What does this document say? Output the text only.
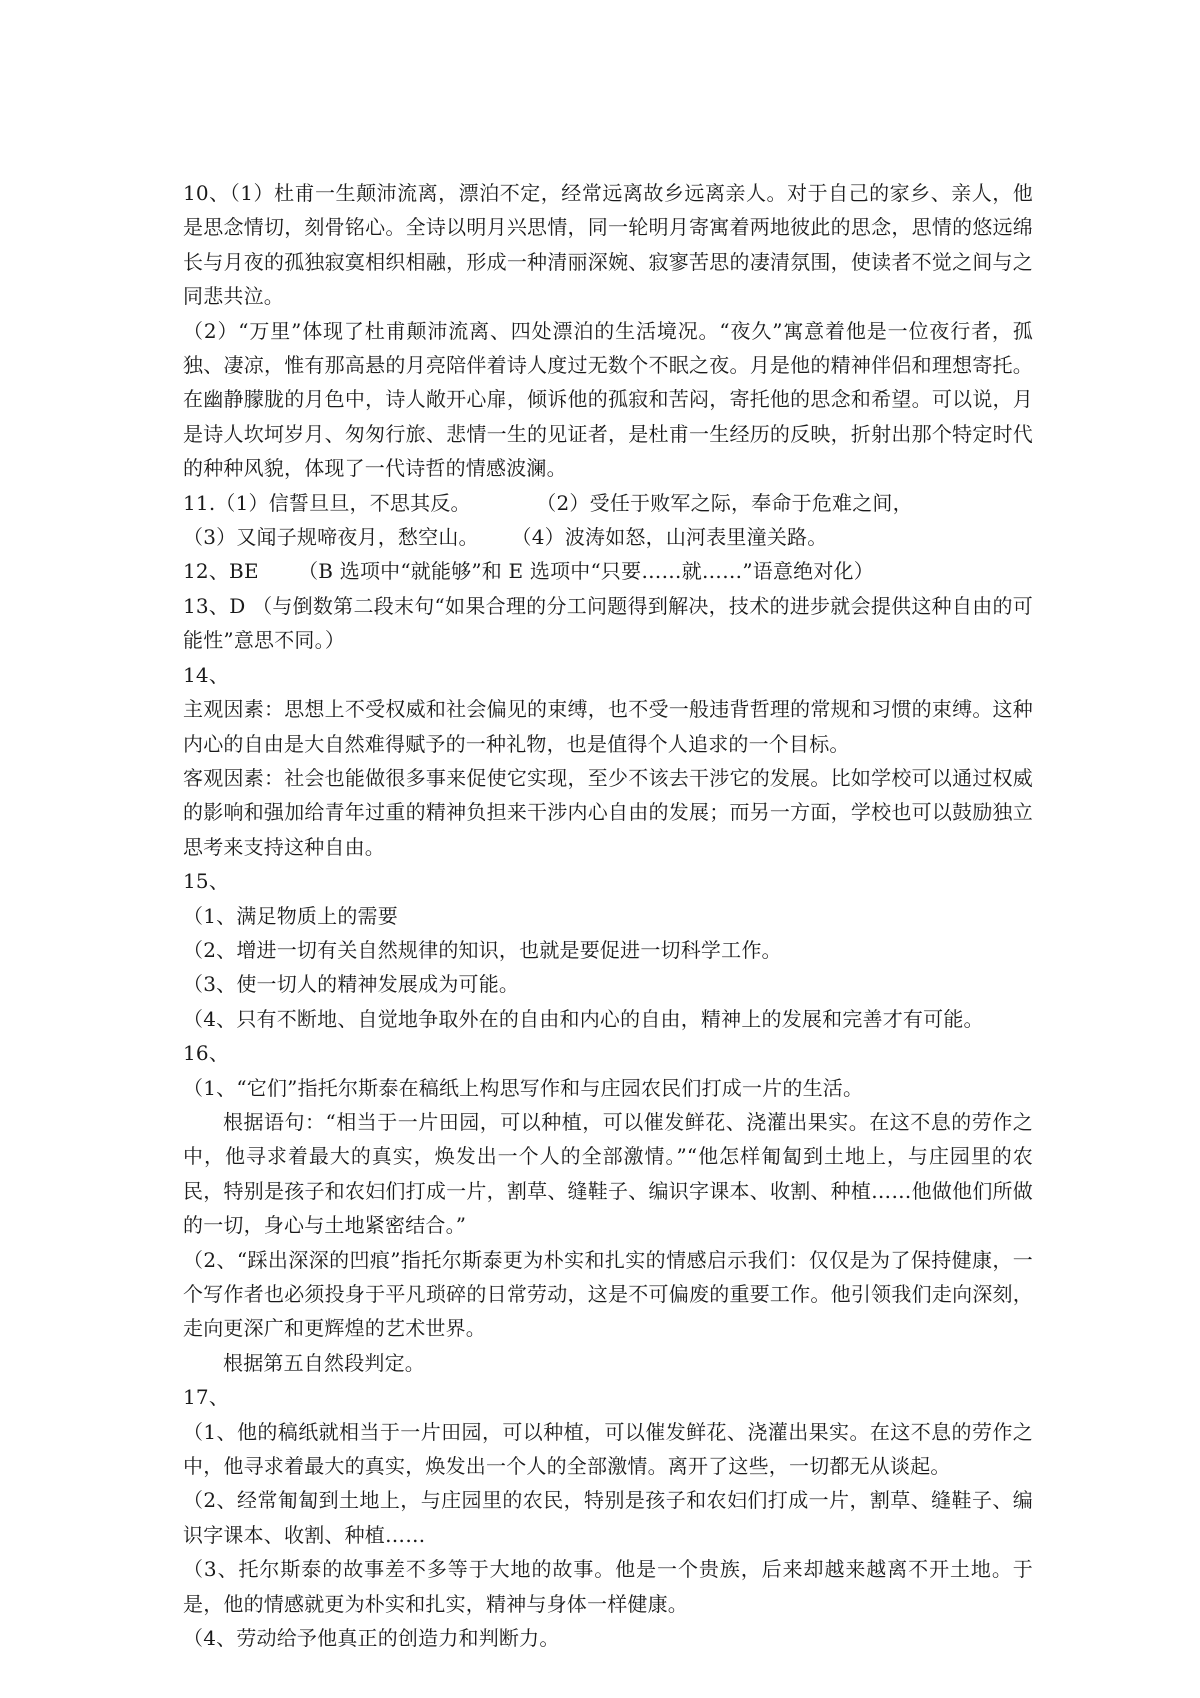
10、（1）杜甫一生颠沛流离，漂泊不定，经常远离故乡远离亲人。对于自己的家乡、亲人，他是思念情切，刻骨铭心。全诗以明月兴思情，同一轮明月寄寓着两地彼此的思念，思情的悠远绵长与月夜的孤独寂寞相织相融，形成一种清丽深婉、寂寥苦思的凄清氛围，使读者不觉之间与之同悲共泣。

（2）“万里”体现了杜甫颠沛流离、四处漂泊的生活境况。“夜久”寓意着他是一位夜行者，孤独、凄凉，惟有那高悬的月亮陪伴着诗人度过无数个不眠之夜。月是他的精神伴侣和理想寄托。在幽静朦胧的月色中，诗人敞开心扉，倾诉他的孤寂和苦闷，寄托他的思念和希望。可以说，月是诗人坎坷岁月、匆匆行旅、悲情一生的见证者，是杜甫一生经历的反映，折射出那个特定时代的种种风貌，体现了一代诗哲的情感波澜。

11.（1）信誓旦旦，不思其反。          （2）受任于败军之际，奉命于危难之间，

（3）又闻子规啼夜月，愁空山。     （4）波涛如怒，山河表里潼关路。

12、BE      （B 选项中“就能够”和 E 选项中“只要……就……”语意绝对化）

13、D （与倒数第二段末句“如果合理的分工问题得到解决，技术的进步就会提供这种自由的可能性”意思不同。）

14、

主观因素：思想上不受权威和社会偏见的束缚，也不受一般违背哲理的常规和习惯的束缚。这种内心的自由是大自然难得赋予的一种礼物，也是值得个人追求的一个目标。

客观因素：社会也能做很多事来促使它实现，至少不该去干涉它的发展。比如学校可以通过权威的影响和强加给青年过重的精神负担来干涉内心自由的发展；而另一方面，学校也可以鼓励独立思考来支持这种自由。

15、

（1、满足物质上的需要

（2、增进一切有关自然规律的知识，也就是要促进一切科学工作。

（3、使一切人的精神发展成为可能。

（4、只有不断地、自觉地争取外在的自由和内心的自由，精神上的发展和完善才有可能。

16、

（1、“它们”指托尔斯泰在稿纸上构思写作和与庄园农民们打成一片的生活。

根据语句：“相当于一片田园，可以种植，可以催发鲜花、浇灌出果实。在这不息的劳作之中，他寻求着最大的真实，焕发出一个人的全部激情。”“他怎样匍匐到土地上，与庄园里的农民，特别是孩子和农妇们打成一片，割草、缝鞋子、编识字课本、收割、种植……他做他们所做的一切，身心与土地紧密结合。”

（2、“踩出深深的凹痕”指托尔斯泰更为朴实和扎实的情感启示我们：仅仅是为了保持健康，一个写作者也必须投身于平凡琐碎的日常劳动，这是不可偏废的重要工作。他引领我们走向深刻，走向更深广和更辉煌的艺术世界。

根据第五自然段判定。

17、

（1、他的稿纸就相当于一片田园，可以种植，可以催发鲜花、浇灌出果实。在这不息的劳作之中，他寻求着最大的真实，焕发出一个人的全部激情。离开了这些，一切都无从谈起。

（2、经常匍匐到土地上，与庄园里的农民，特别是孩子和农妇们打成一片，割草、缝鞋子、编识字课本、收割、种植……

（3、托尔斯泰的故事差不多等于大地的故事。他是一个贵族，后来却越来越离不开土地。于是，他的情感就更为朴实和扎实，精神与身体一样健康。

（4、劳动给予他真正的创造力和判断力。
